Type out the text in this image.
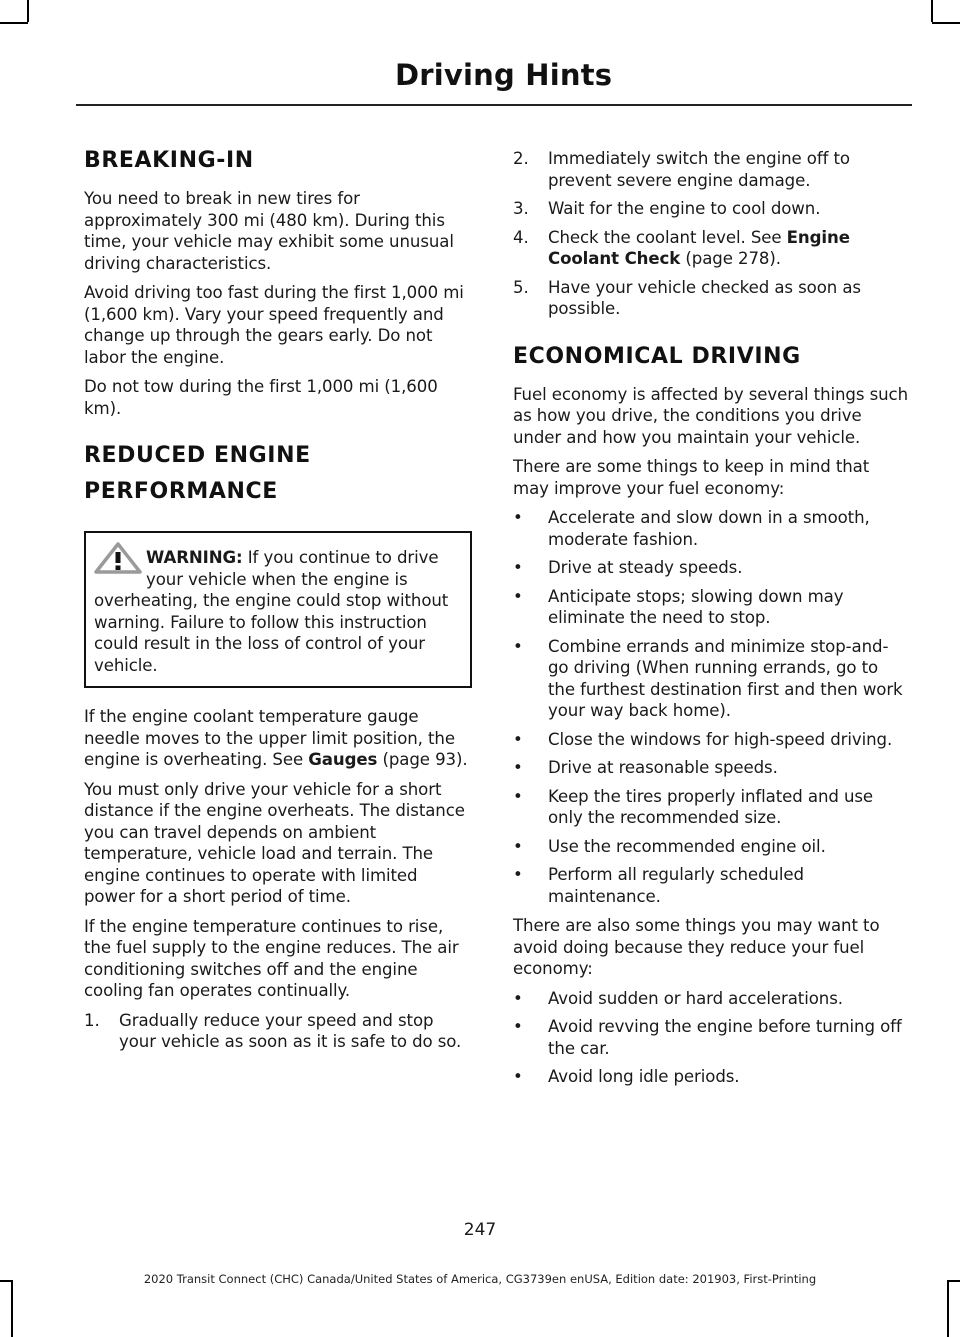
Driving Hints
BREAKING-IN

You need to break in new tires for approximately 300 mi (480 km). During this time, your vehicle may exhibit some unusual driving characteristics.

Avoid driving too fast during the first 1,000 mi (1,600 km). Vary your speed frequently and change up through the gears early. Do not labor the engine.

Do not tow during the first 1,000 mi (1,600 km).

REDUCED ENGINE
PERFORMANCE

WARNING: If you continue to drive your vehicle when the engine is overheating, the engine could stop without warning. Failure to follow this instruction could result in the loss of control of your vehicle.

If the engine coolant temperature gauge needle moves to the upper limit position, the engine is overheating. See Gauges (page 93).

You must only drive your vehicle for a short distance if the engine overheats. The distance you can travel depends on ambient temperature, vehicle load and terrain. The engine continues to operate with limited power for a short period of time.

If the engine temperature continues to rise, the fuel supply to the engine reduces. The air conditioning switches off and the engine cooling fan operates continually.

1.	Gradually reduce your speed and stop your vehicle as soon as it is safe to do so.
2.	Immediately switch the engine off to prevent severe engine damage.
3.	Wait for the engine to cool down.
4.	Check the coolant level. See Engine Coolant Check (page 278).
5.	Have your vehicle checked as soon as possible.
ECONOMICAL DRIVING

Fuel economy is affected by several things such as how you drive, the conditions you drive under and how you maintain your vehicle.

There are some things to keep in mind that may improve your fuel economy:

•	Accelerate and slow down in a smooth, moderate fashion.
•	Drive at steady speeds.
•	Anticipate stops; slowing down may eliminate the need to stop.
•	Combine errands and minimize stop-and-go driving (When running errands, go to the furthest destination first and then work your way back home).
•	Close the windows for high-speed driving.
•	Drive at reasonable speeds.
•	Keep the tires properly inflated and use only the recommended size.
•	Use the recommended engine oil.
•	Perform all regularly scheduled maintenance.

There are also some things you may want to avoid doing because they reduce your fuel economy:

•	Avoid sudden or hard accelerations.
•	Avoid revving the engine before turning off the car.
•	Avoid long idle periods.
247
2020 Transit Connect (CHC) Canada/United States of America, CG3739en enUSA, Edition date: 201903, First-Printing
